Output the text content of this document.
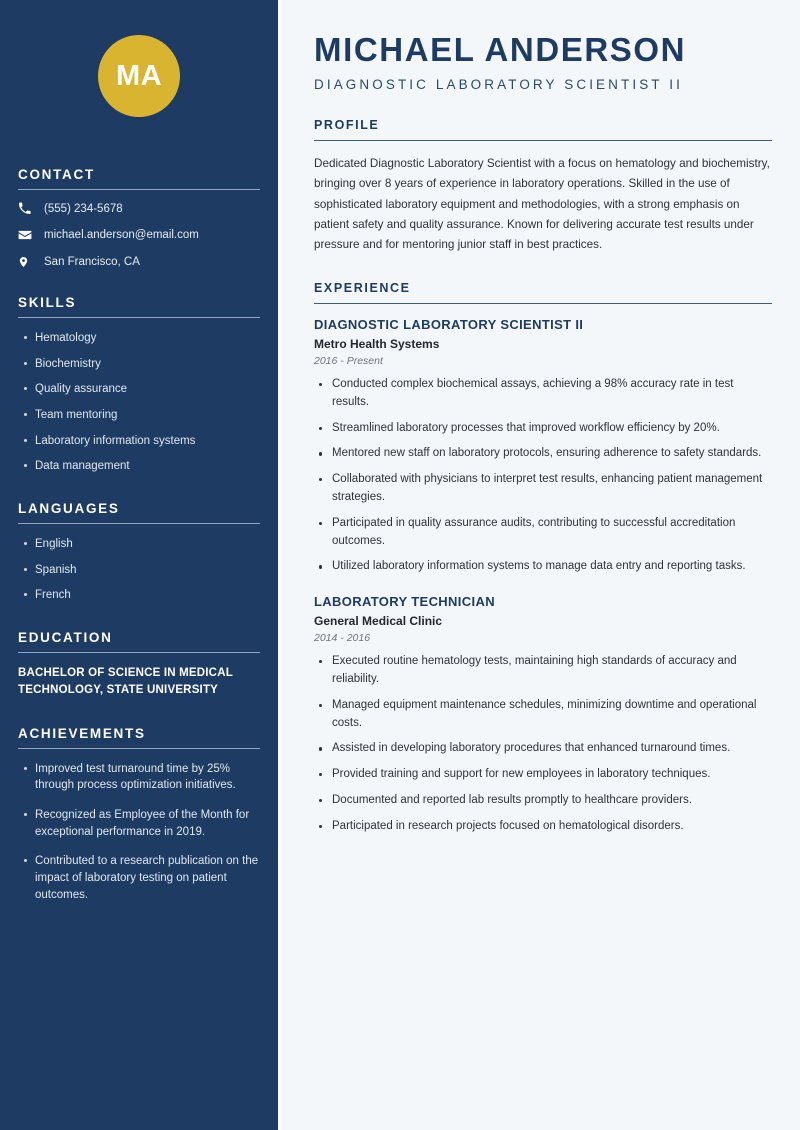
MA
CONTACT
(555) 234-5678
michael.anderson@email.com
San Francisco, CA
SKILLS
Hematology
Biochemistry
Quality assurance
Team mentoring
Laboratory information systems
Data management
LANGUAGES
English
Spanish
French
EDUCATION
BACHELOR OF SCIENCE IN MEDICAL TECHNOLOGY, STATE UNIVERSITY
ACHIEVEMENTS
Improved test turnaround time by 25% through process optimization initiatives.
Recognized as Employee of the Month for exceptional performance in 2019.
Contributed to a research publication on the impact of laboratory testing on patient outcomes.
MICHAEL ANDERSON
DIAGNOSTIC LABORATORY SCIENTIST II
PROFILE

Dedicated Diagnostic Laboratory Scientist with a focus on hematology and biochemistry, bringing over 8 years of experience in laboratory operations. Skilled in the use of sophisticated laboratory equipment and methodologies, with a strong emphasis on patient safety and quality assurance. Known for delivering accurate test results under pressure and for mentoring junior staff in best practices.

EXPERIENCE
DIAGNOSTIC LABORATORY SCIENTIST II
Metro Health Systems
2016 - Present
Conducted complex biochemical assays, achieving a 98% accuracy rate in test results.
Streamlined laboratory processes that improved workflow efficiency by 20%.
Mentored new staff on laboratory protocols, ensuring adherence to safety standards.
Collaborated with physicians to interpret test results, enhancing patient management strategies.
Participated in quality assurance audits, contributing to successful accreditation outcomes.
Utilized laboratory information systems to manage data entry and reporting tasks.
LABORATORY TECHNICIAN
General Medical Clinic
2014 - 2016
Executed routine hematology tests, maintaining high standards of accuracy and reliability.
Managed equipment maintenance schedules, minimizing downtime and operational costs.
Assisted in developing laboratory procedures that enhanced turnaround times.
Provided training and support for new employees in laboratory techniques.
Documented and reported lab results promptly to healthcare providers.
Participated in research projects focused on hematological disorders.
